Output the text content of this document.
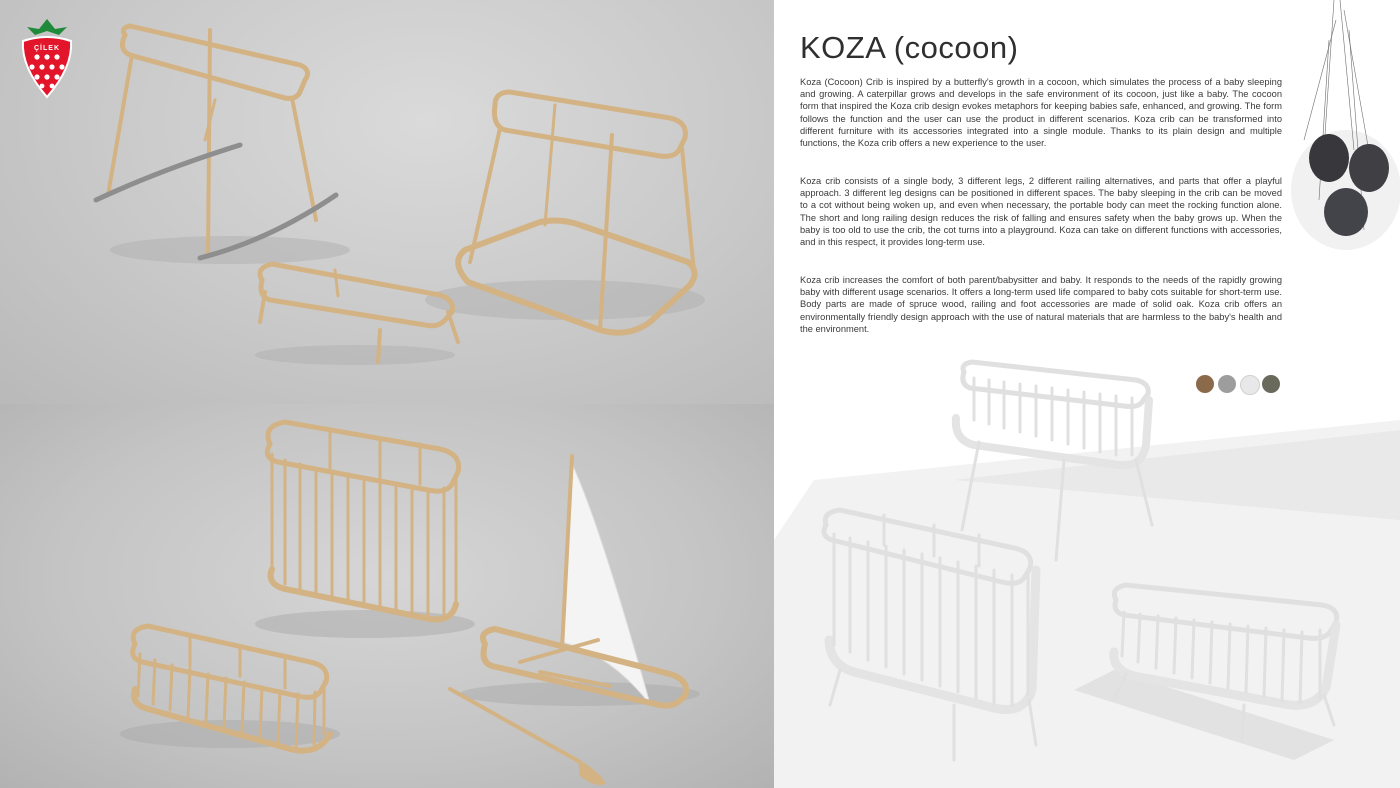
ÇİLEK	KOZA (cocoon)

Koza (Cocoon) Crib is inspired by a butterfly's growth in a cocoon, which simulates the process of a baby sleeping and growing. A caterpillar grows and develops in the safe environment of its cocoon, just like a baby. The cocoon form that inspired the Koza crib design evokes metaphors for keeping babies safe, enhanced, and growing. The form follows the function and the user can use the product in different scenarios. Koza crib can be transformed into different furniture with its accessories integrated into a single module. Thanks to its plain design and multiple functions, the Koza crib offers a new experience to the user.

Koza crib consists of a single body, 3 different legs, 2 different railing alternatives, and parts that offer a playful approach. 3 different leg designs can be positioned in different spaces. The baby sleeping in the crib can be moved to a cot without being woken up, and even when necessary, the portable body can meet the rocking function alone. The short and long railing design reduces the risk of falling and ensures safety when the baby grows up. When the baby is too old to use the crib, the cot turns into a playground. Koza can take on different functions with accessories, and in this respect, it provides long-term use.

Koza crib increases the comfort of both parent/babysitter and baby. It responds to the needs of the rapidly growing baby with different usage scenarios. It offers a long-term used life compared to baby cots suitable for short-term use. Body parts are made of spruce wood, railing and foot accessories are made of solid oak. Koza crib offers an environmentally friendly design approach with the use of natural materials that are harmless to the baby's health and the environment.
